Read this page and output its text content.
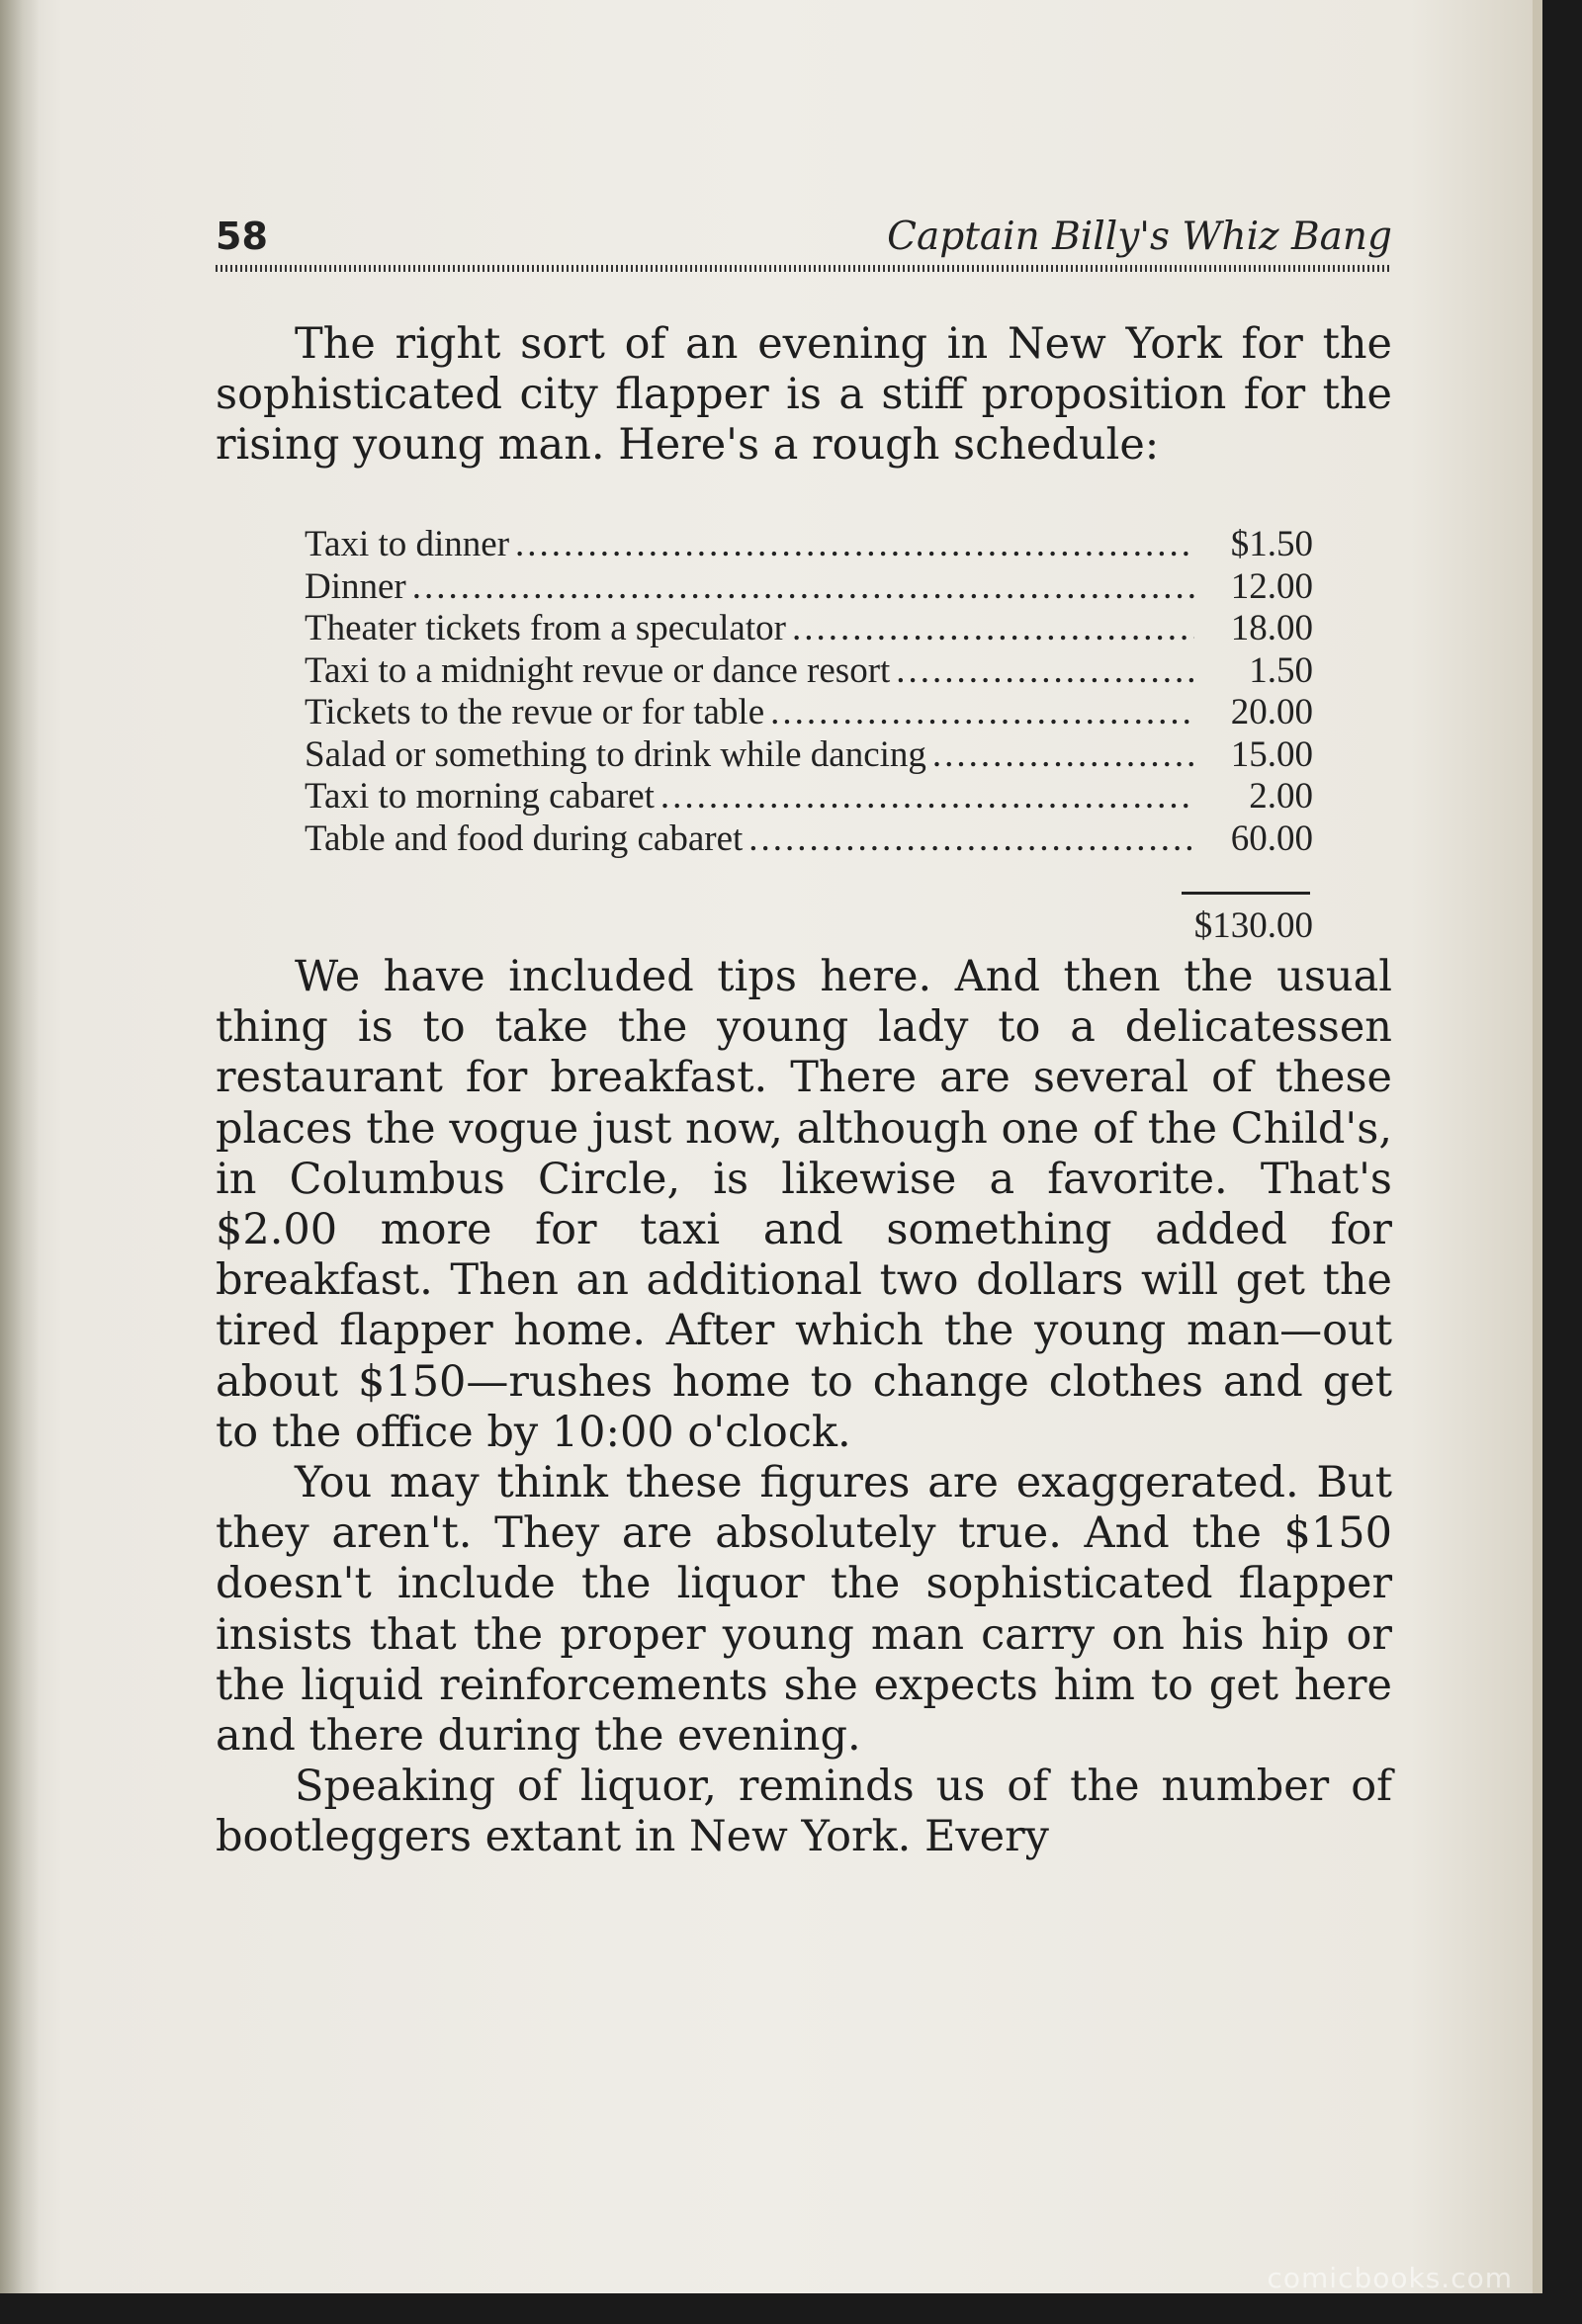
58	Captain Billy's Whiz Bang

The right sort of an evening in New York for the sophisticated city flapper is a stiff proposition for the rising young man. Here's a rough schedule:

Taxi to dinner .....	$1.50
Dinner .....	12.00
Theater tickets from a speculator .....	18.00
Taxi to a midnight revue or dance resort .....	1.50
Tickets to the revue or for table .....	20.00
Salad or something to drink while dancing .....	15.00
Taxi to morning cabaret .....	2.00
Table and food during cabaret .....	60.00
$130.00

We have included tips here. And then the usual thing is to take the young lady to a delicatessen restaurant for breakfast. There are several of these places the vogue just now, although one of the Child's, in Columbus Circle, is likewise a favorite. That's $2.00 more for taxi and something added for breakfast. Then an additional two dollars will get the tired flapper home. After which the young man—out about $150—rushes home to change clothes and get to the office by 10:00 o'clock.

You may think these figures are exaggerated. But they aren't. They are absolutely true. And the $150 doesn't include the liquor the sophisticated flapper insists that the proper young man carry on his hip or the liquid reinforcements she expects him to get here and there during the evening.

Speaking of liquor, reminds us of the number of bootleggers extant in New York. Every

comicbooks.com
